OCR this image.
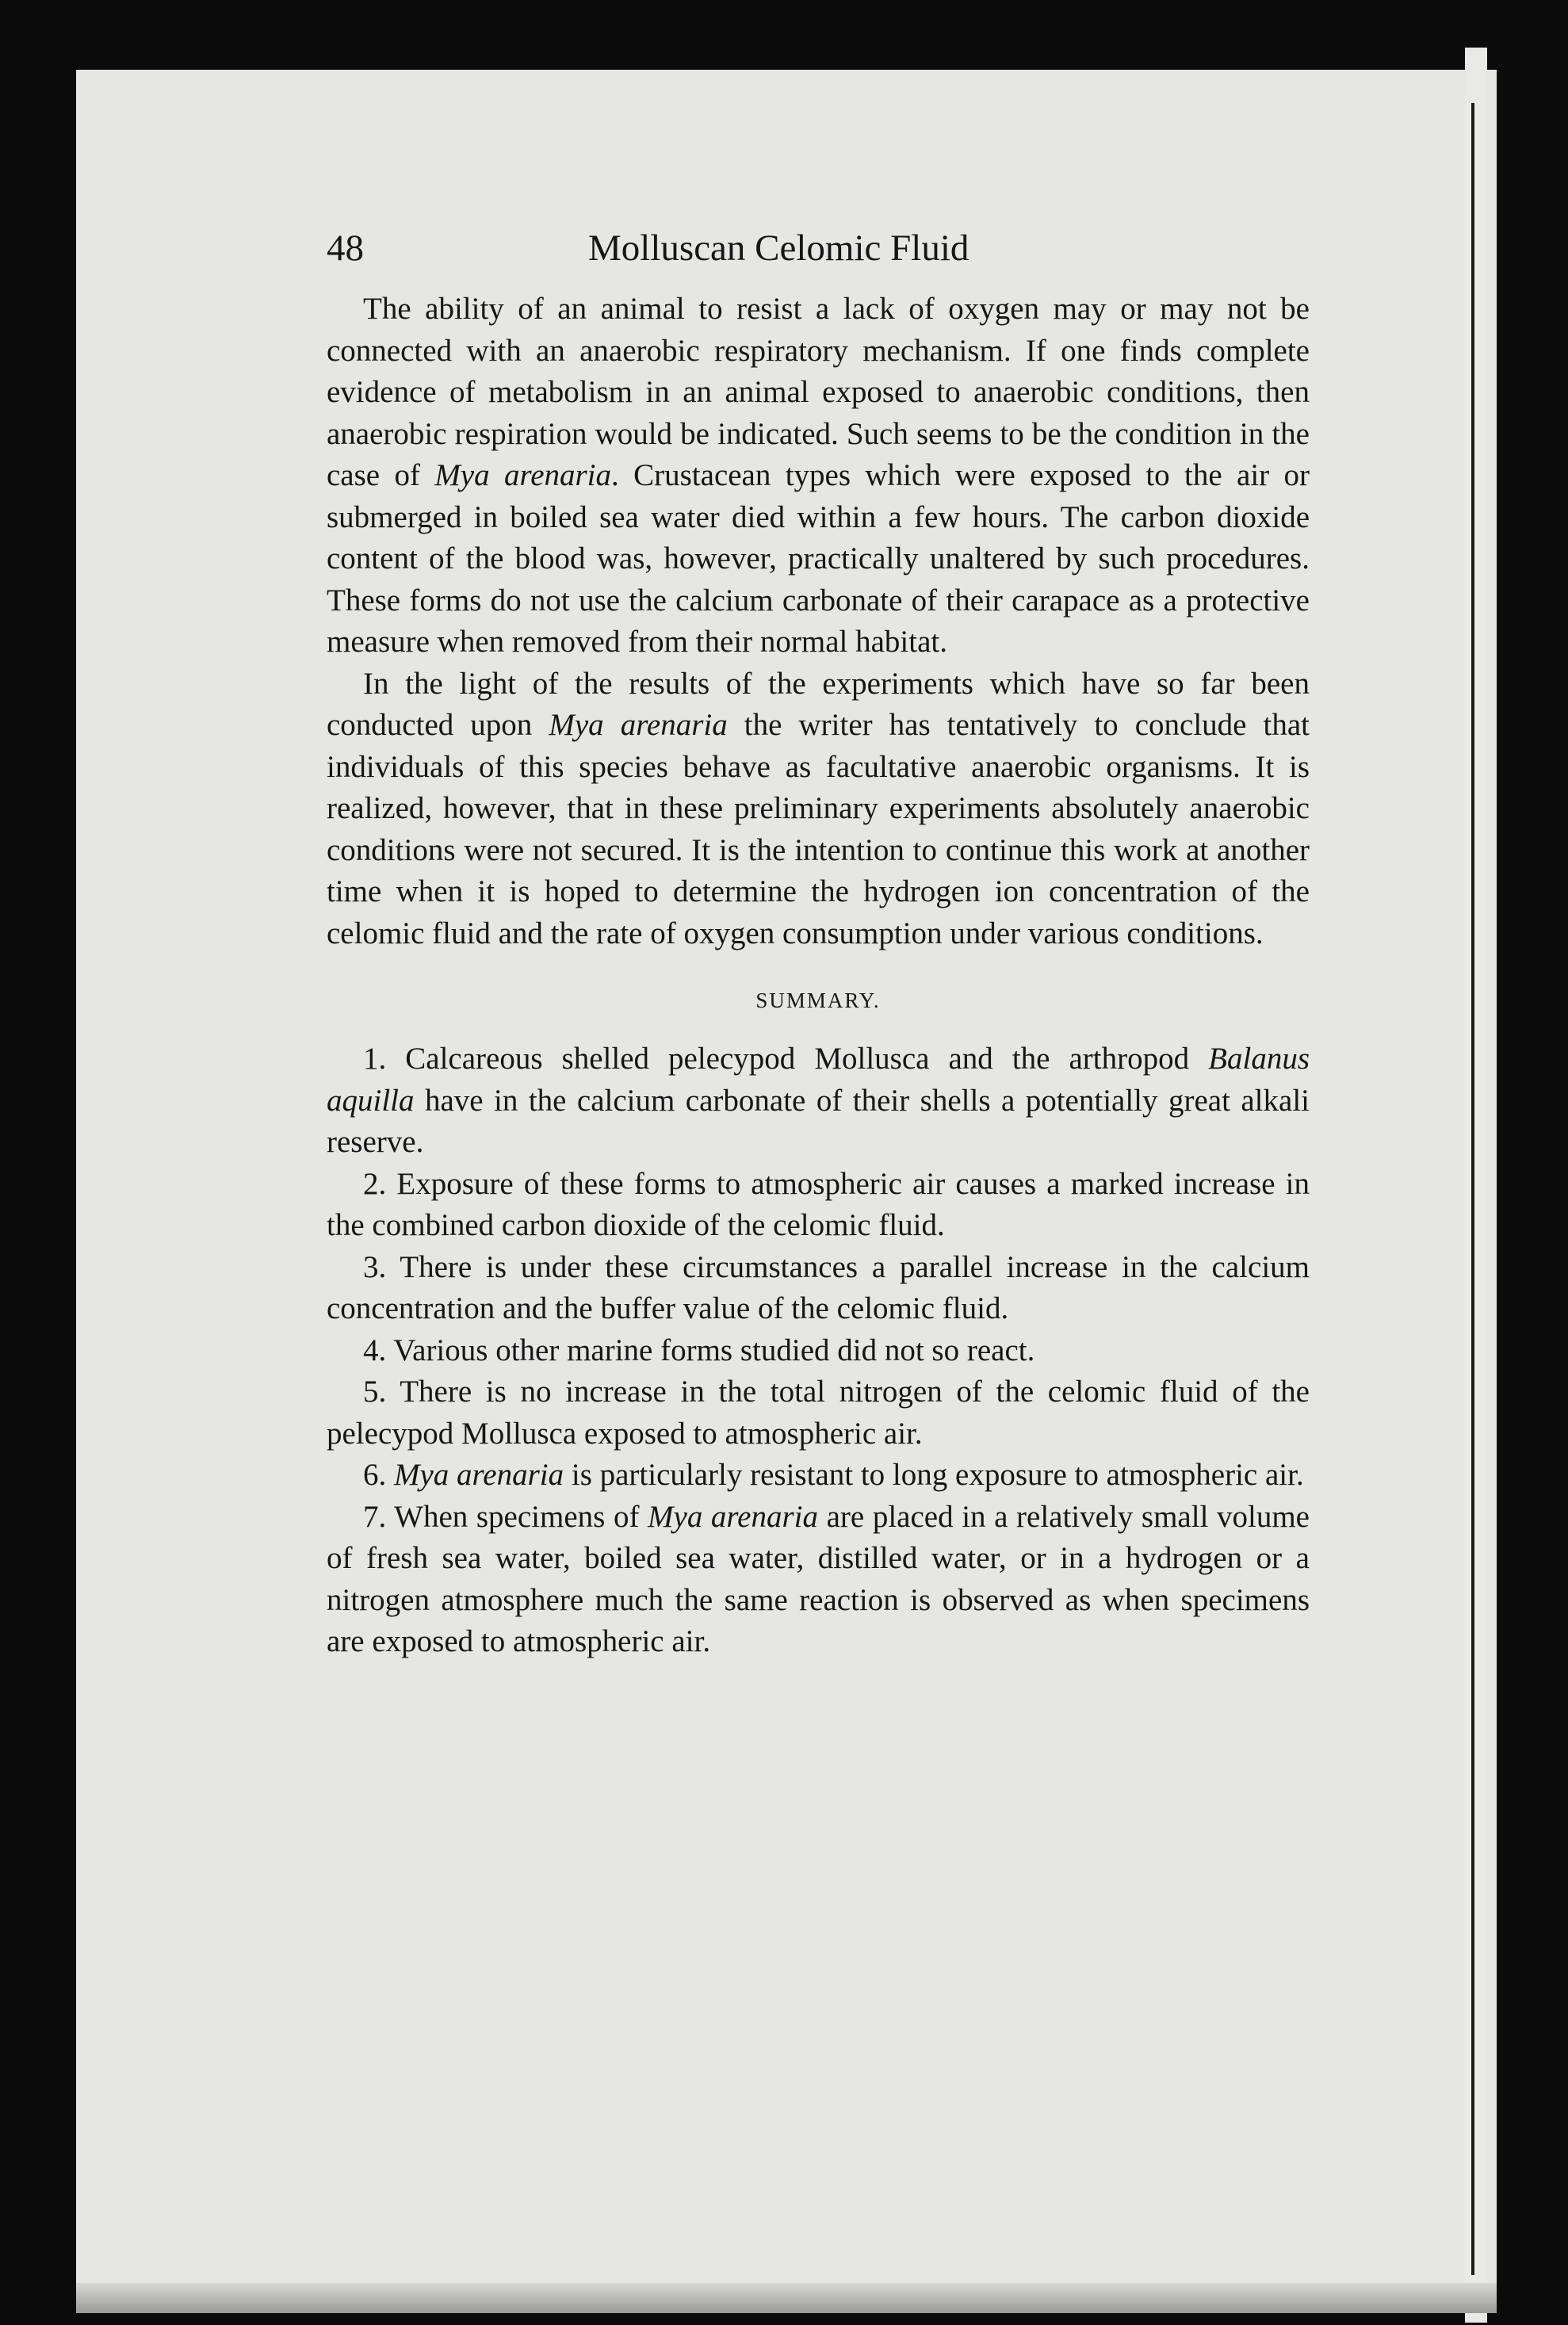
48	Molluscan Celomic Fluid

The ability of an animal to resist a lack of oxygen may or may not be connected with an anaerobic respiratory mechanism. If one finds complete evidence of metabolism in an animal exposed to anaerobic conditions, then anaerobic respiration would be indicated. Such seems to be the condition in the case of Mya arenaria. Crustacean types which were exposed to the air or submerged in boiled sea water died within a few hours. The carbon dioxide content of the blood was, however, practically unaltered by such procedures. These forms do not use the calcium carbonate of their carapace as a protective measure when removed from their normal habitat.

In the light of the results of the experiments which have so far been conducted upon Mya arenaria the writer has tentatively to conclude that individuals of this species behave as facultative anaerobic organisms. It is realized, however, that in these preliminary experiments absolutely anaerobic conditions were not secured. It is the intention to continue this work at another time when it is hoped to determine the hydrogen ion concentration of the celomic fluid and the rate of oxygen consumption under various conditions.

SUMMARY.

1. Calcareous shelled pelecypod Mollusca and the arthropod Balanus aquilla have in the calcium carbonate of their shells a potentially great alkali reserve.

2. Exposure of these forms to atmospheric air causes a marked increase in the combined carbon dioxide of the celomic fluid.

3. There is under these circumstances a parallel increase in the calcium concentration and the buffer value of the celomic fluid.

4. Various other marine forms studied did not so react.

5. There is no increase in the total nitrogen of the celomic fluid of the pelecypod Mollusca exposed to atmospheric air.

6. Mya arenaria is particularly resistant to long exposure to atmospheric air.

7. When specimens of Mya arenaria are placed in a relatively small volume of fresh sea water, boiled sea water, distilled water, or in a hydrogen or a nitrogen atmosphere much the same reaction is observed as when specimens are exposed to atmospheric air.
